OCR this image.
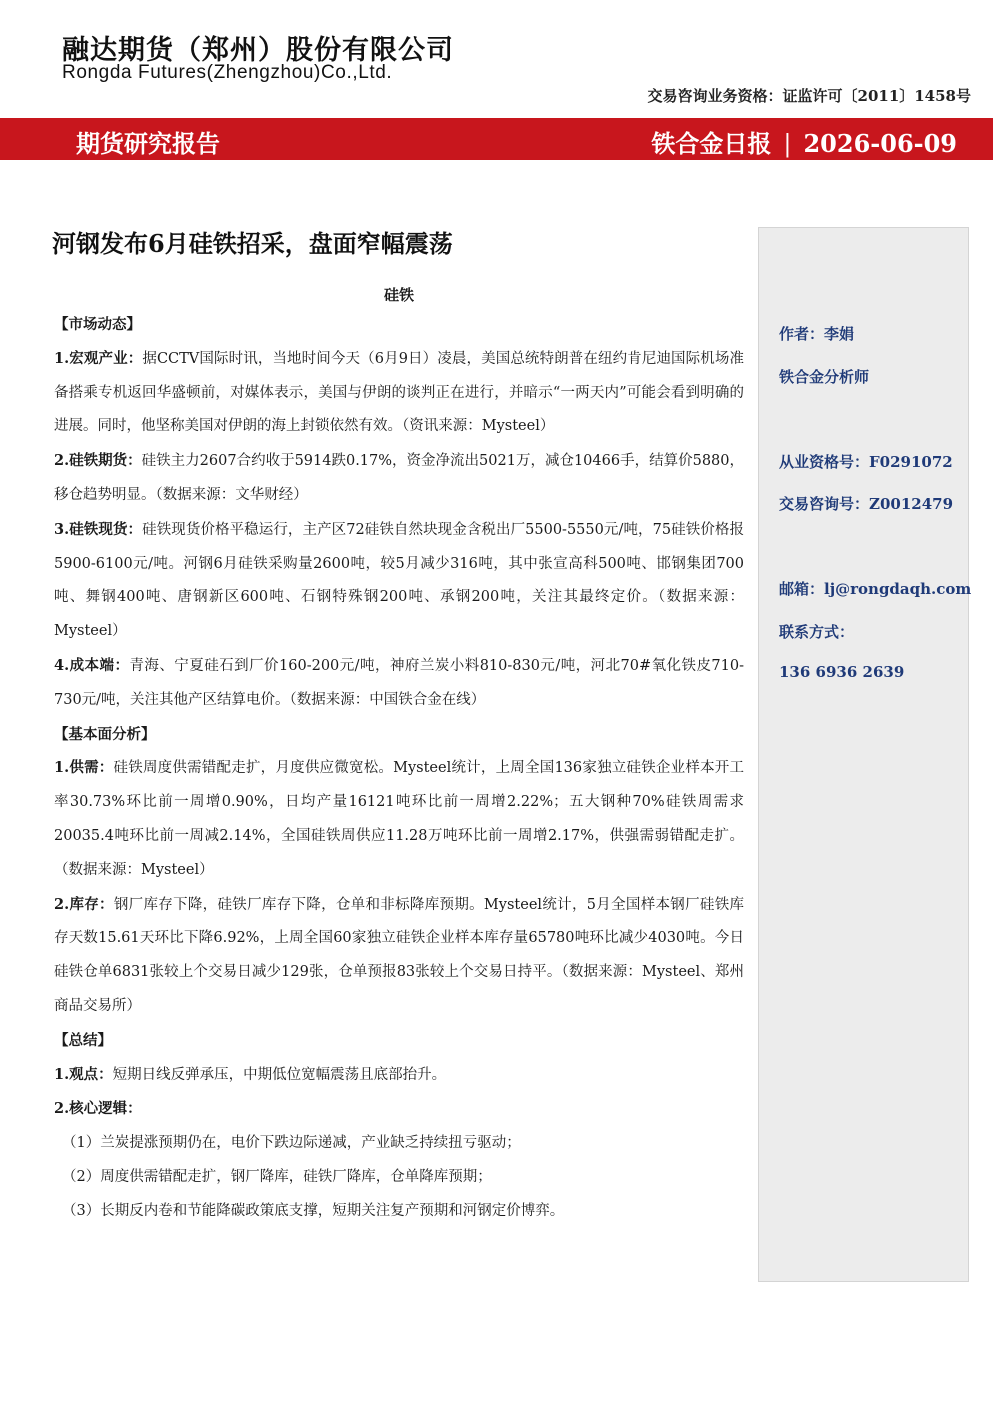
融达期货（郑州）股份有限公司
Rongda Futures(Zhengzhou)Co.,Ltd.
交易咨询业务资格：证监许可〔2011〕1458号
期货研究报告	铁合金日报 | 2026-06-09
河钢发布6月硅铁招采，盘面窄幅震荡

硅铁

【市场动态】

1.宏观产业：据CCTV国际时讯，当地时间今天（6月9日）凌晨，美国总统特朗普在纽约肯尼迪国际机场准备搭乘专机返回华盛顿前，对媒体表示，美国与伊朗的谈判正在进行，并暗示“一两天内”可能会看到明确的进展。同时，他坚称美国对伊朗的海上封锁依然有效。（资讯来源：Mysteel）

2.硅铁期货：硅铁主力2607合约收于5914跌0.17%，资金净流出5021万，减仓10466手，结算价5880，移仓趋势明显。（数据来源：文华财经）

3.硅铁现货：硅铁现货价格平稳运行，主产区72硅铁自然块现金含税出厂5500-5550元/吨，75硅铁价格报5900-6100元/吨。河钢6月硅铁采购量2600吨，较5月减少316吨，其中张宣高科500吨、邯钢集团700吨、舞钢400吨、唐钢新区600吨、石钢特殊钢200吨、承钢200吨，关注其最终定价。（数据来源：Mysteel）

4.成本端：青海、宁夏硅石到厂价160-200元/吨，神府兰炭小料810-830元/吨，河北70#氧化铁皮710-730元/吨，关注其他产区结算电价。（数据来源：中国铁合金在线）

【基本面分析】

1.供需：硅铁周度供需错配走扩，月度供应微宽松。Mysteel统计，上周全国136家独立硅铁企业样本开工率30.73%环比前一周增0.90%，日均产量16121吨环比前一周增2.22%；五大钢种70%硅铁周需求20035.4吨环比前一周减2.14%，全国硅铁周供应11.28万吨环比前一周增2.17%，供强需弱错配走扩。（数据来源：Mysteel）

2.库存：钢厂库存下降，硅铁厂库存下降，仓单和非标降库预期。Mysteel统计，5月全国样本钢厂硅铁库存天数15.61天环比下降6.92%，上周全国60家独立硅铁企业样本库存量65780吨环比减少4030吨。今日硅铁仓单6831张较上个交易日减少129张，仓单预报83张较上个交易日持平。（数据来源：Mysteel、郑州商品交易所）

【总结】

1.观点：短期日线反弹承压，中期低位宽幅震荡且底部抬升。

2.核心逻辑：

（1）兰炭提涨预期仍在，电价下跌边际递减，产业缺乏持续扭亏驱动；

（2）周度供需错配走扩，钢厂降库，硅铁厂降库，仓单降库预期；

（3）长期反内卷和节能降碳政策底支撑，短期关注复产预期和河钢定价博弈。

作者：李娟
铁合金分析师
从业资格号：F0291072
交易咨询号：Z0012479
邮箱：lj@rongdaqh.com
联系方式：
136 6936 2639
